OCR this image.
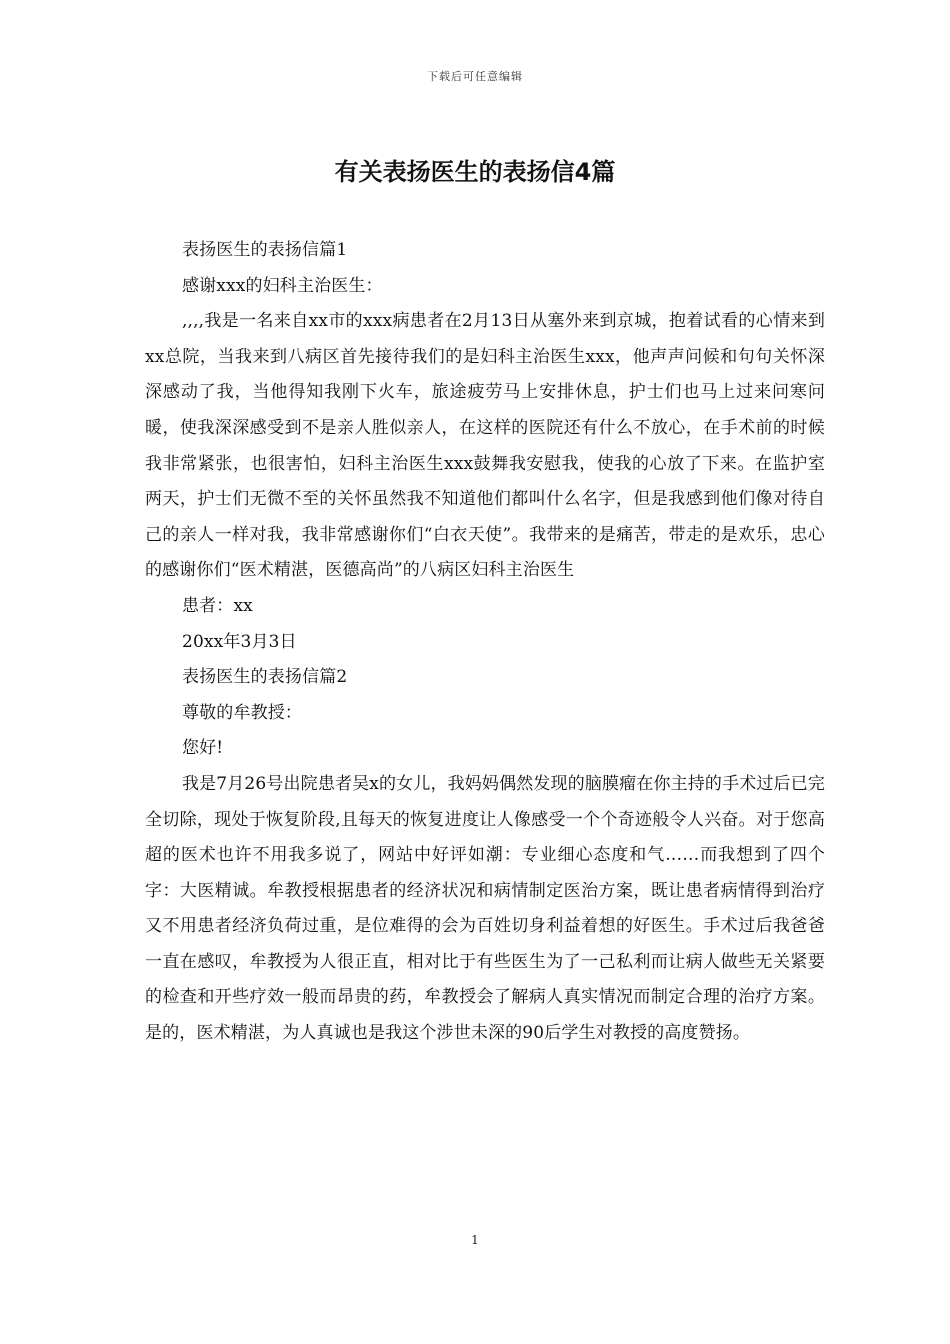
下载后可任意编辑
有关表扬医生的表扬信4篇

表扬医生的表扬信篇1

感谢xxx的妇科主治医生：

,,,,我是一名来自xx市的xxx病患者在2月13日从塞外来到京城，抱着试看的心情来到xx总院，当我来到八病区首先接待我们的是妇科主治医生xxx，他声声问候和句句关怀深深感动了我，当他得知我刚下火车，旅途疲劳马上安排休息，护士们也马上过来问寒问暖，使我深深感受到不是亲人胜似亲人，在这样的医院还有什么不放心，在手术前的时候我非常紧张，也很害怕，妇科主治医生xxx鼓舞我安慰我，使我的心放了下来。在监护室两天，护士们无微不至的关怀虽然我不知道他们都叫什么名字，但是我感到他们像对待自己的亲人一样对我，我非常感谢你们“白衣天使”。我带来的是痛苦，带走的是欢乐，忠心的感谢你们“医术精湛，医德高尚”的八病区妇科主治医生

患者：xx

20xx年3月3日

表扬医生的表扬信篇2

尊敬的牟教授：

您好!

我是7月26号出院患者吴x的女儿，我妈妈偶然发现的脑膜瘤在你主持的手术过后已完全切除，现处于恢复阶段,且每天的恢复进度让人像感受一个个奇迹般令人兴奋。对于您高超的医术也许不用我多说了，网站中好评如潮：专业细心态度和气……而我想到了四个字：大医精诚。牟教授根据患者的经济状况和病情制定医治方案，既让患者病情得到治疗又不用患者经济负荷过重，是位难得的会为百姓切身利益着想的好医生。手术过后我爸爸一直在感叹，牟教授为人很正直，相对比于有些医生为了一己私利而让病人做些无关紧要的检查和开些疗效一般而昂贵的药，牟教授会了解病人真实情况而制定合理的治疗方案。是的，医术精湛，为人真诚也是我这个涉世未深的90后学生对教授的高度赞扬。

1
